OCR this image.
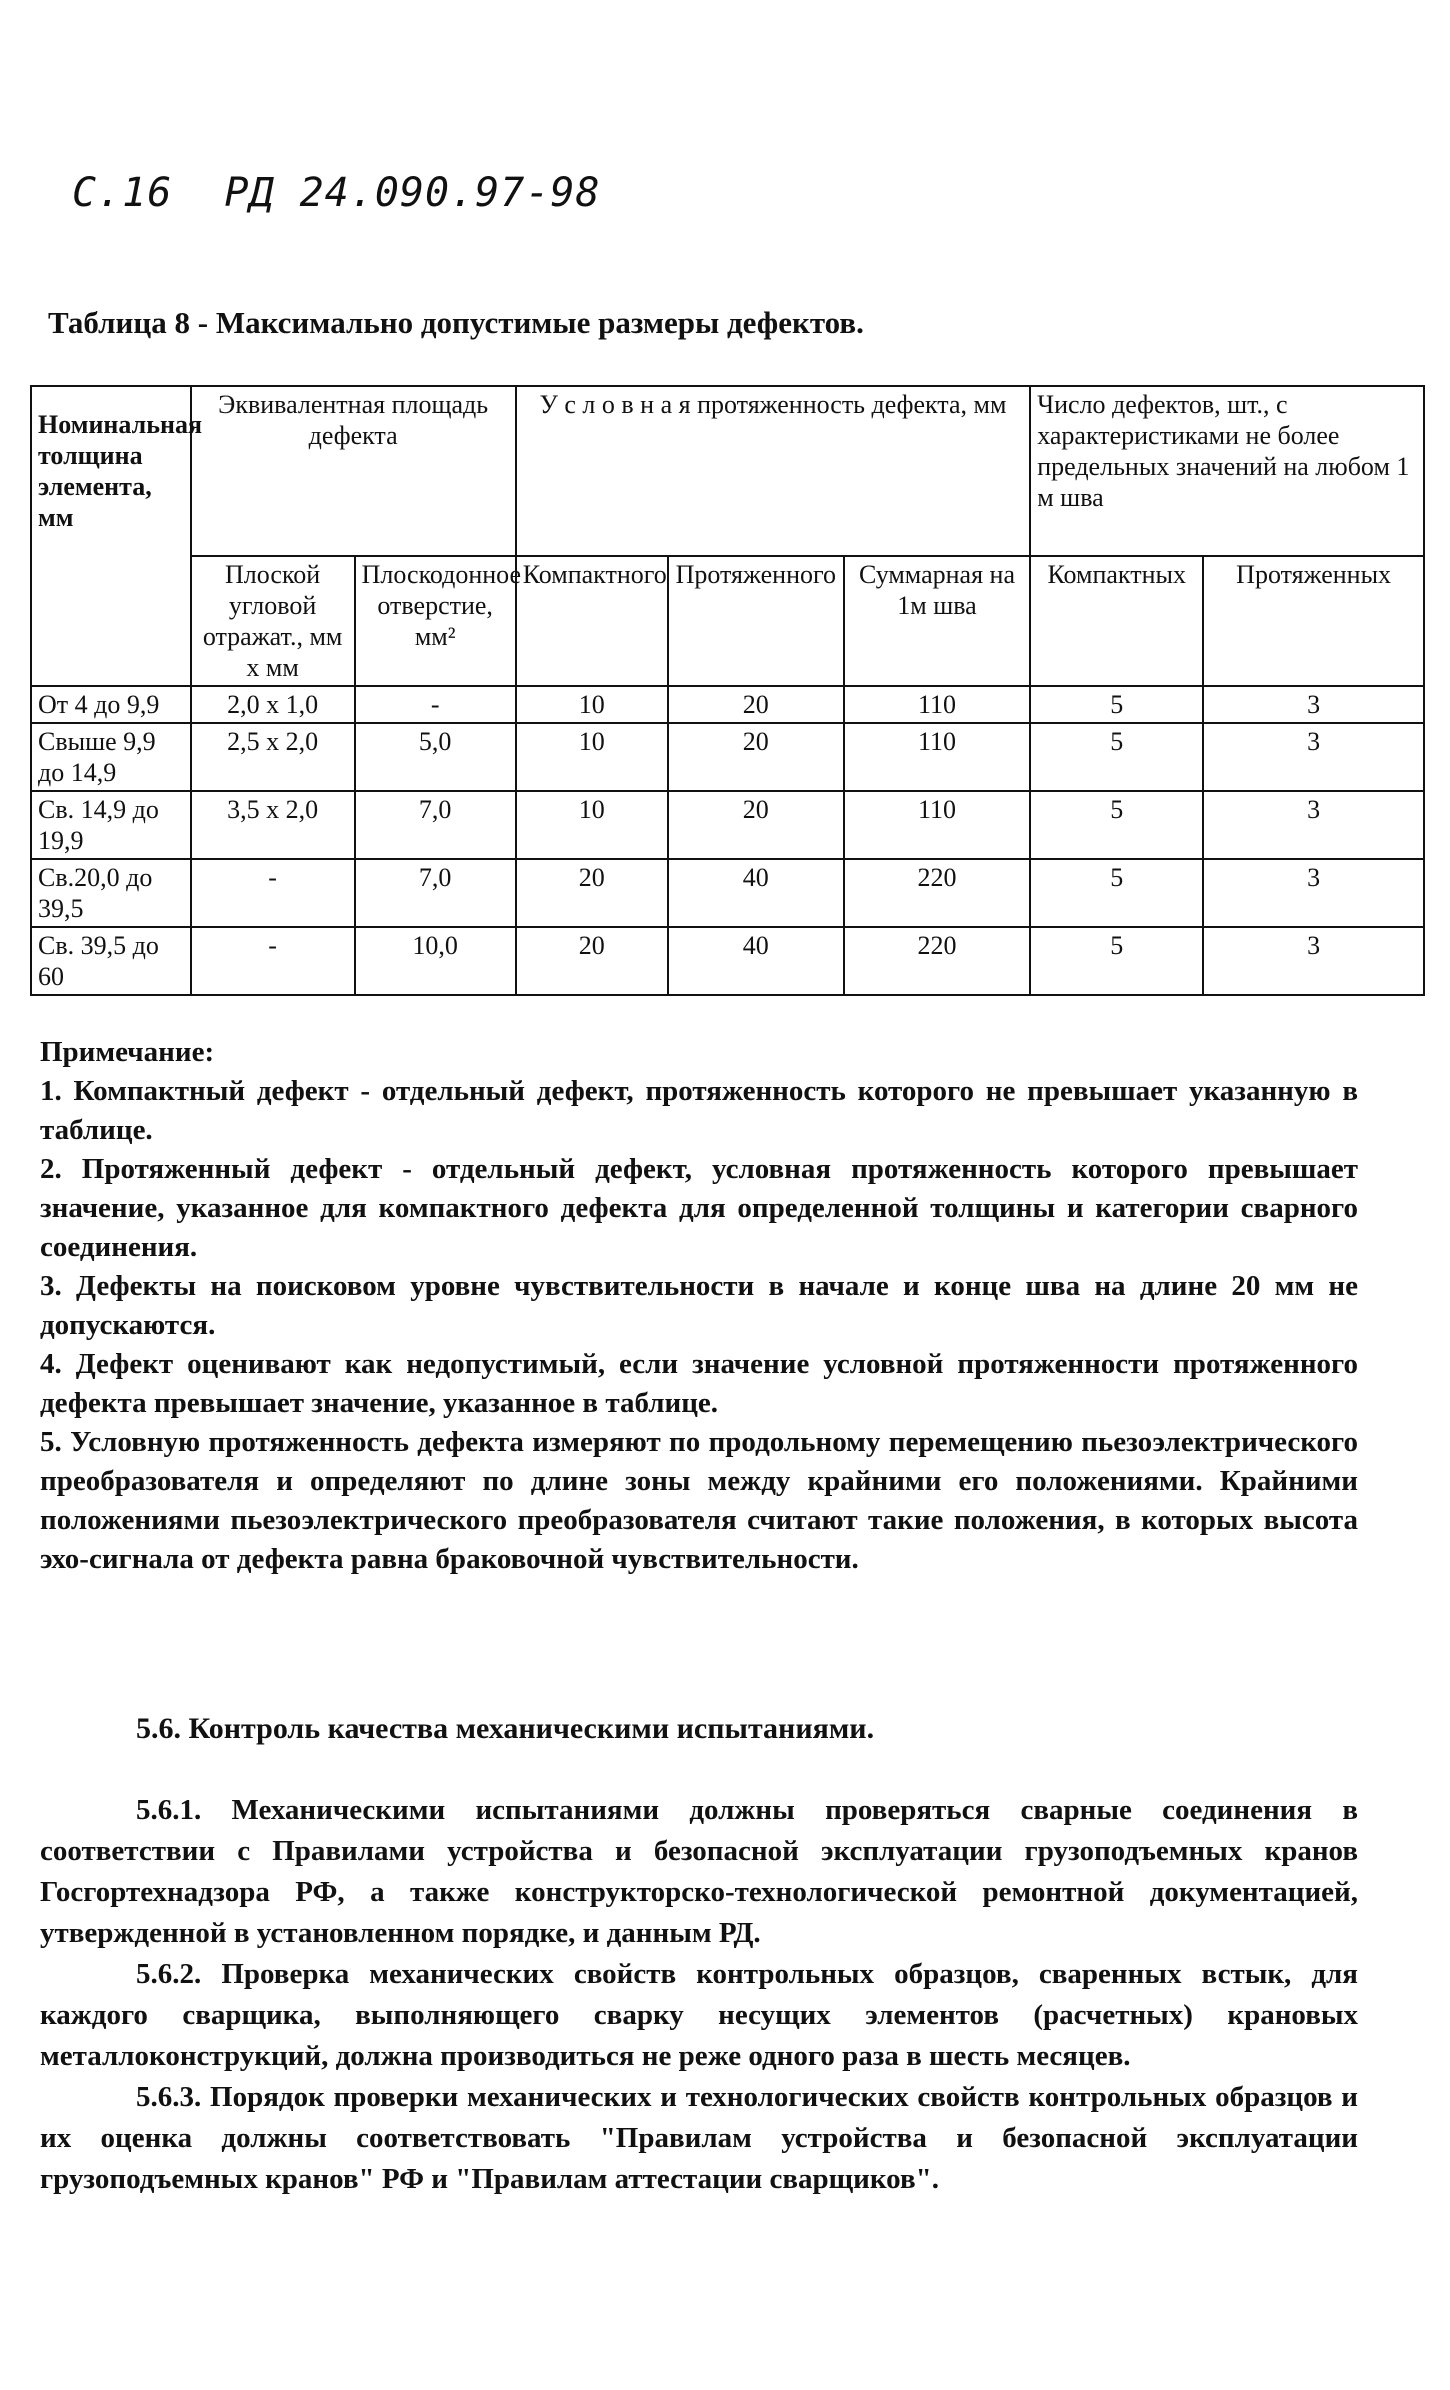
С.16 РД 24.090.97-98
Таблица 8 - Максимально допустимые размеры дефектов.
Номинальная толщина элемента, мм	Эквивалентная площадь дефекта		У с л о в н а я протяженность дефекта, мм			Число дефектов, шт., с характеристиками не более предельных значений на любом 1 м шва	
	Плоской угловой отражат., мм х мм	Плоскодонное отверстие, мм²	Компактного	Протяженного	Суммарная на 1м шва	Компактных	Протяженных
От 4 до 9,9	2,0 х 1,0	-	10	20	110	5	3
Свыше 9,9 до 14,9	2,5 х 2,0	5,0	10	20	110	5	3
Св. 14,9 до 19,9	3,5 х 2,0	7,0	10	20	110	5	3
Св.20,0 до 39,5	-	7,0	20	40	220	5	3
Св. 39,5 до 60	-	10,0	20	40	220	5	3

Примечание:

1. Компактный дефект - отдельный дефект, протяженность которого не превышает указанную в таблице.

2. Протяженный дефект - отдельный дефект, условная протяженность которого превышает значение, указанное для компактного дефекта для определенной толщины и категории сварного соединения.

3. Дефекты на поисковом уровне чувствительности в начале и конце шва на длине 20 мм не допускаются.

4. Дефект оценивают как недопустимый, если значение условной протяженности протяженного дефекта превышает значение, указанное в таблице.

5. Условную протяженность дефекта измеряют по продольному перемещению пьезоэлектрического преобразователя и определяют по длине зоны между крайними его положениями. Крайними положениями пьезоэлектрического преобразователя считают такие положения, в которых высота эхо-сигнала от дефекта равна браковочной чувствительности.

5.6. Контроль качества механическими испытаниями.

5.6.1. Механическими испытаниями должны проверяться сварные соединения в соответствии с Правилами устройства и безопасной эксплуатации грузоподъемных кранов Госгортехнадзора РФ, а также конструкторско-технологической ремонтной документацией, утвержденной в установленном порядке, и данным РД.

5.6.2. Проверка механических свойств контрольных образцов, сваренных встык, для каждого сварщика, выполняющего сварку несущих элементов (расчетных) крановых металлоконструкций, должна производиться не реже одного раза в шесть месяцев.

5.6.3. Порядок проверки механических и технологических свойств контрольных образцов и их оценка должны соответствовать "Правилам устройства и безопасной эксплуатации грузоподъемных кранов" РФ и "Правилам аттестации сварщиков".
